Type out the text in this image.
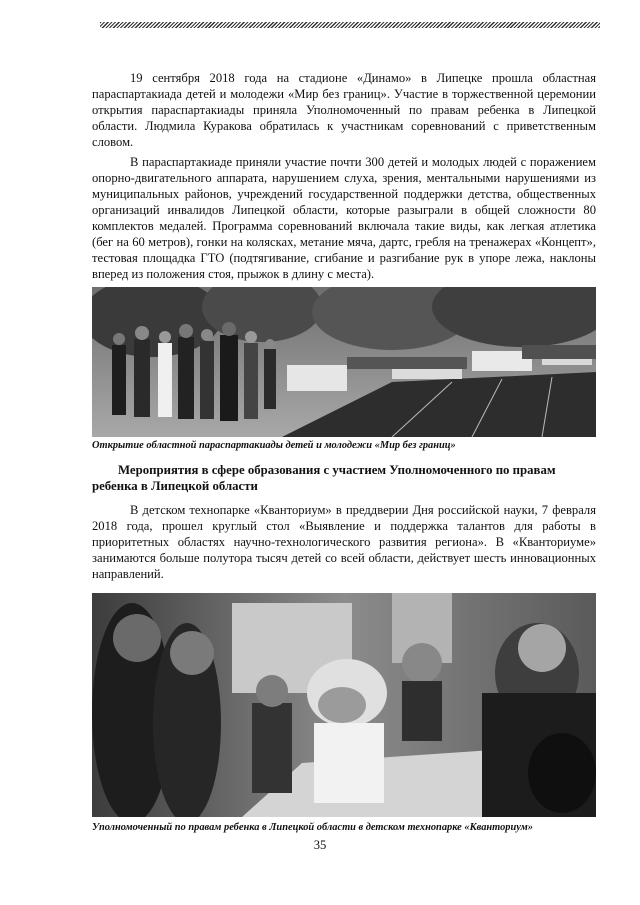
19 сентября 2018 года на стадионе «Динамо» в Липецке прошла областная параспартакиада детей и молодежи «Мир без границ». Участие в торжественной церемонии открытия параспартакиады приняла Уполномоченный по правам ребенка в Липецкой области. Людмила Куракова обратилась к участникам соревнований с приветственным словом.

В параспартакиаде приняли участие почти 300 детей и молодых людей с поражением опорно-двигательного аппарата, нарушением слуха, зрения, ментальными нарушениями из муниципальных районов, учреждений государственной поддержки детства, общественных организаций инвалидов Липецкой области, которые разыграли в общей сложности 80 комплектов медалей. Программа соревнований включала такие виды, как легкая атлетика (бег на 60 метров), гонки на колясках, метание мяча, дартс, гребля на тренажерах «Концепт», тестовая площадка ГТО (подтягивание, сгибание и разгибание рук в упоре лежа, наклоны вперед из положения стоя, прыжок в длину с места).

Открытие областной параспартакиады детей и молодежи «Мир без границ»

Мероприятия в сфере образования с участием Уполномоченного по правам ребенка в Липецкой области

В детском технопарке «Кванториум» в преддверии Дня российской науки, 7 февраля 2018 года, прошел круглый стол «Выявление и поддержка талантов для работы в приоритетных областях научно-технологического развития региона». В «Кванториуме» занимаются больше полутора тысяч детей со всей области, действует шесть инновационных направлений.

Уполномоченный по правам ребенка в Липецкой области в детском технопарке «Кванториум»

35
